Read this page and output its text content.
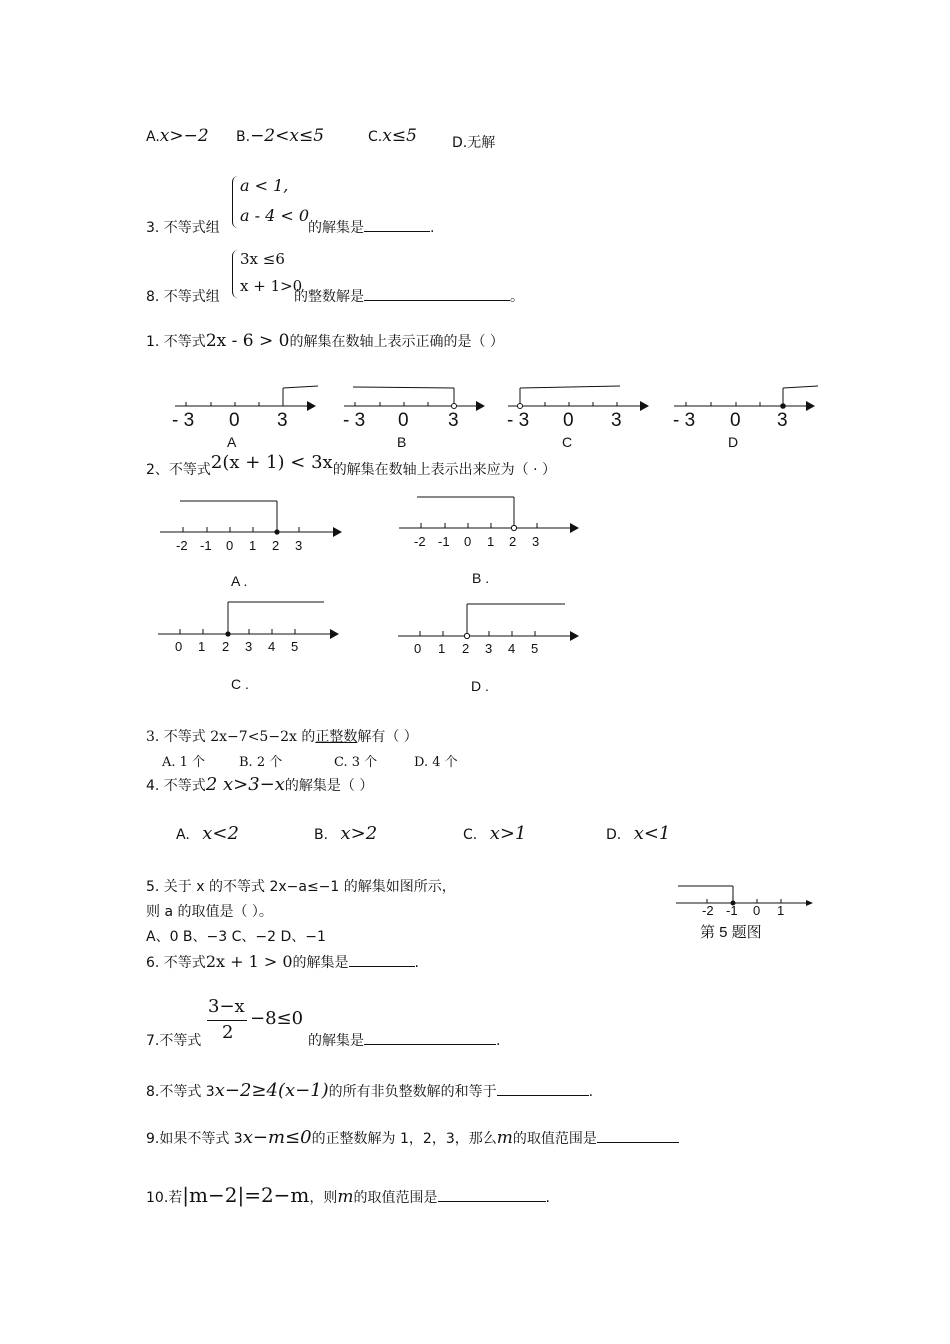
A.x>−2 B.−2<x≤5	C.x≤5	D.无解
3. 不等式组
a < 1,
a - 4 < 0
的解集是	.
8. 不等式组
3x ≤6
x + 1>0
的整数解是	。
1. 不等式2x - 6 > 0的解集在数轴上表示正确的是（ ）
- 3 0 3
A
- 3 0 3
B
- 3 0 3
C
- 3 0 3
D
2、不等式2(x + 1) < 3x的解集在数轴上表示出来应为（ · ）
-2 -1 0 1 2 3
A .
-2 -1 0 1 2 3
B .
0 1 2 3 4 5
C .
0 1 2 3 4 5
D .
3. 不等式 2x−7<5−2x 的正整数解有（ ）
A. 1 个	B. 2 个	C. 3 个	D. 4 个
4. 不等式2 x>3−x的解集是（ ）
A. x<2	B. x>2	C. x>1	D. x<1
5. 关于 x 的不等式 2x−a≤−1 的解集如图所示，
则 a 的取值是（ ）。
A、0 B、−3 C、−2 D、−1
-2 -1 0 1
第 5 题图
6. 不等式2x + 1 > 0的解集是	.
7.不等式
3−x
2
−8≤0
的解集是	.
8.不等式 3x−2≥4(x−1)的所有非负整数解的和等于	.
9.如果不等式 3x−m≤0的正整数解为 1，2，3，那么m的取值范围是
10.若|m−2|=2−m，则m的取值范围是	.
